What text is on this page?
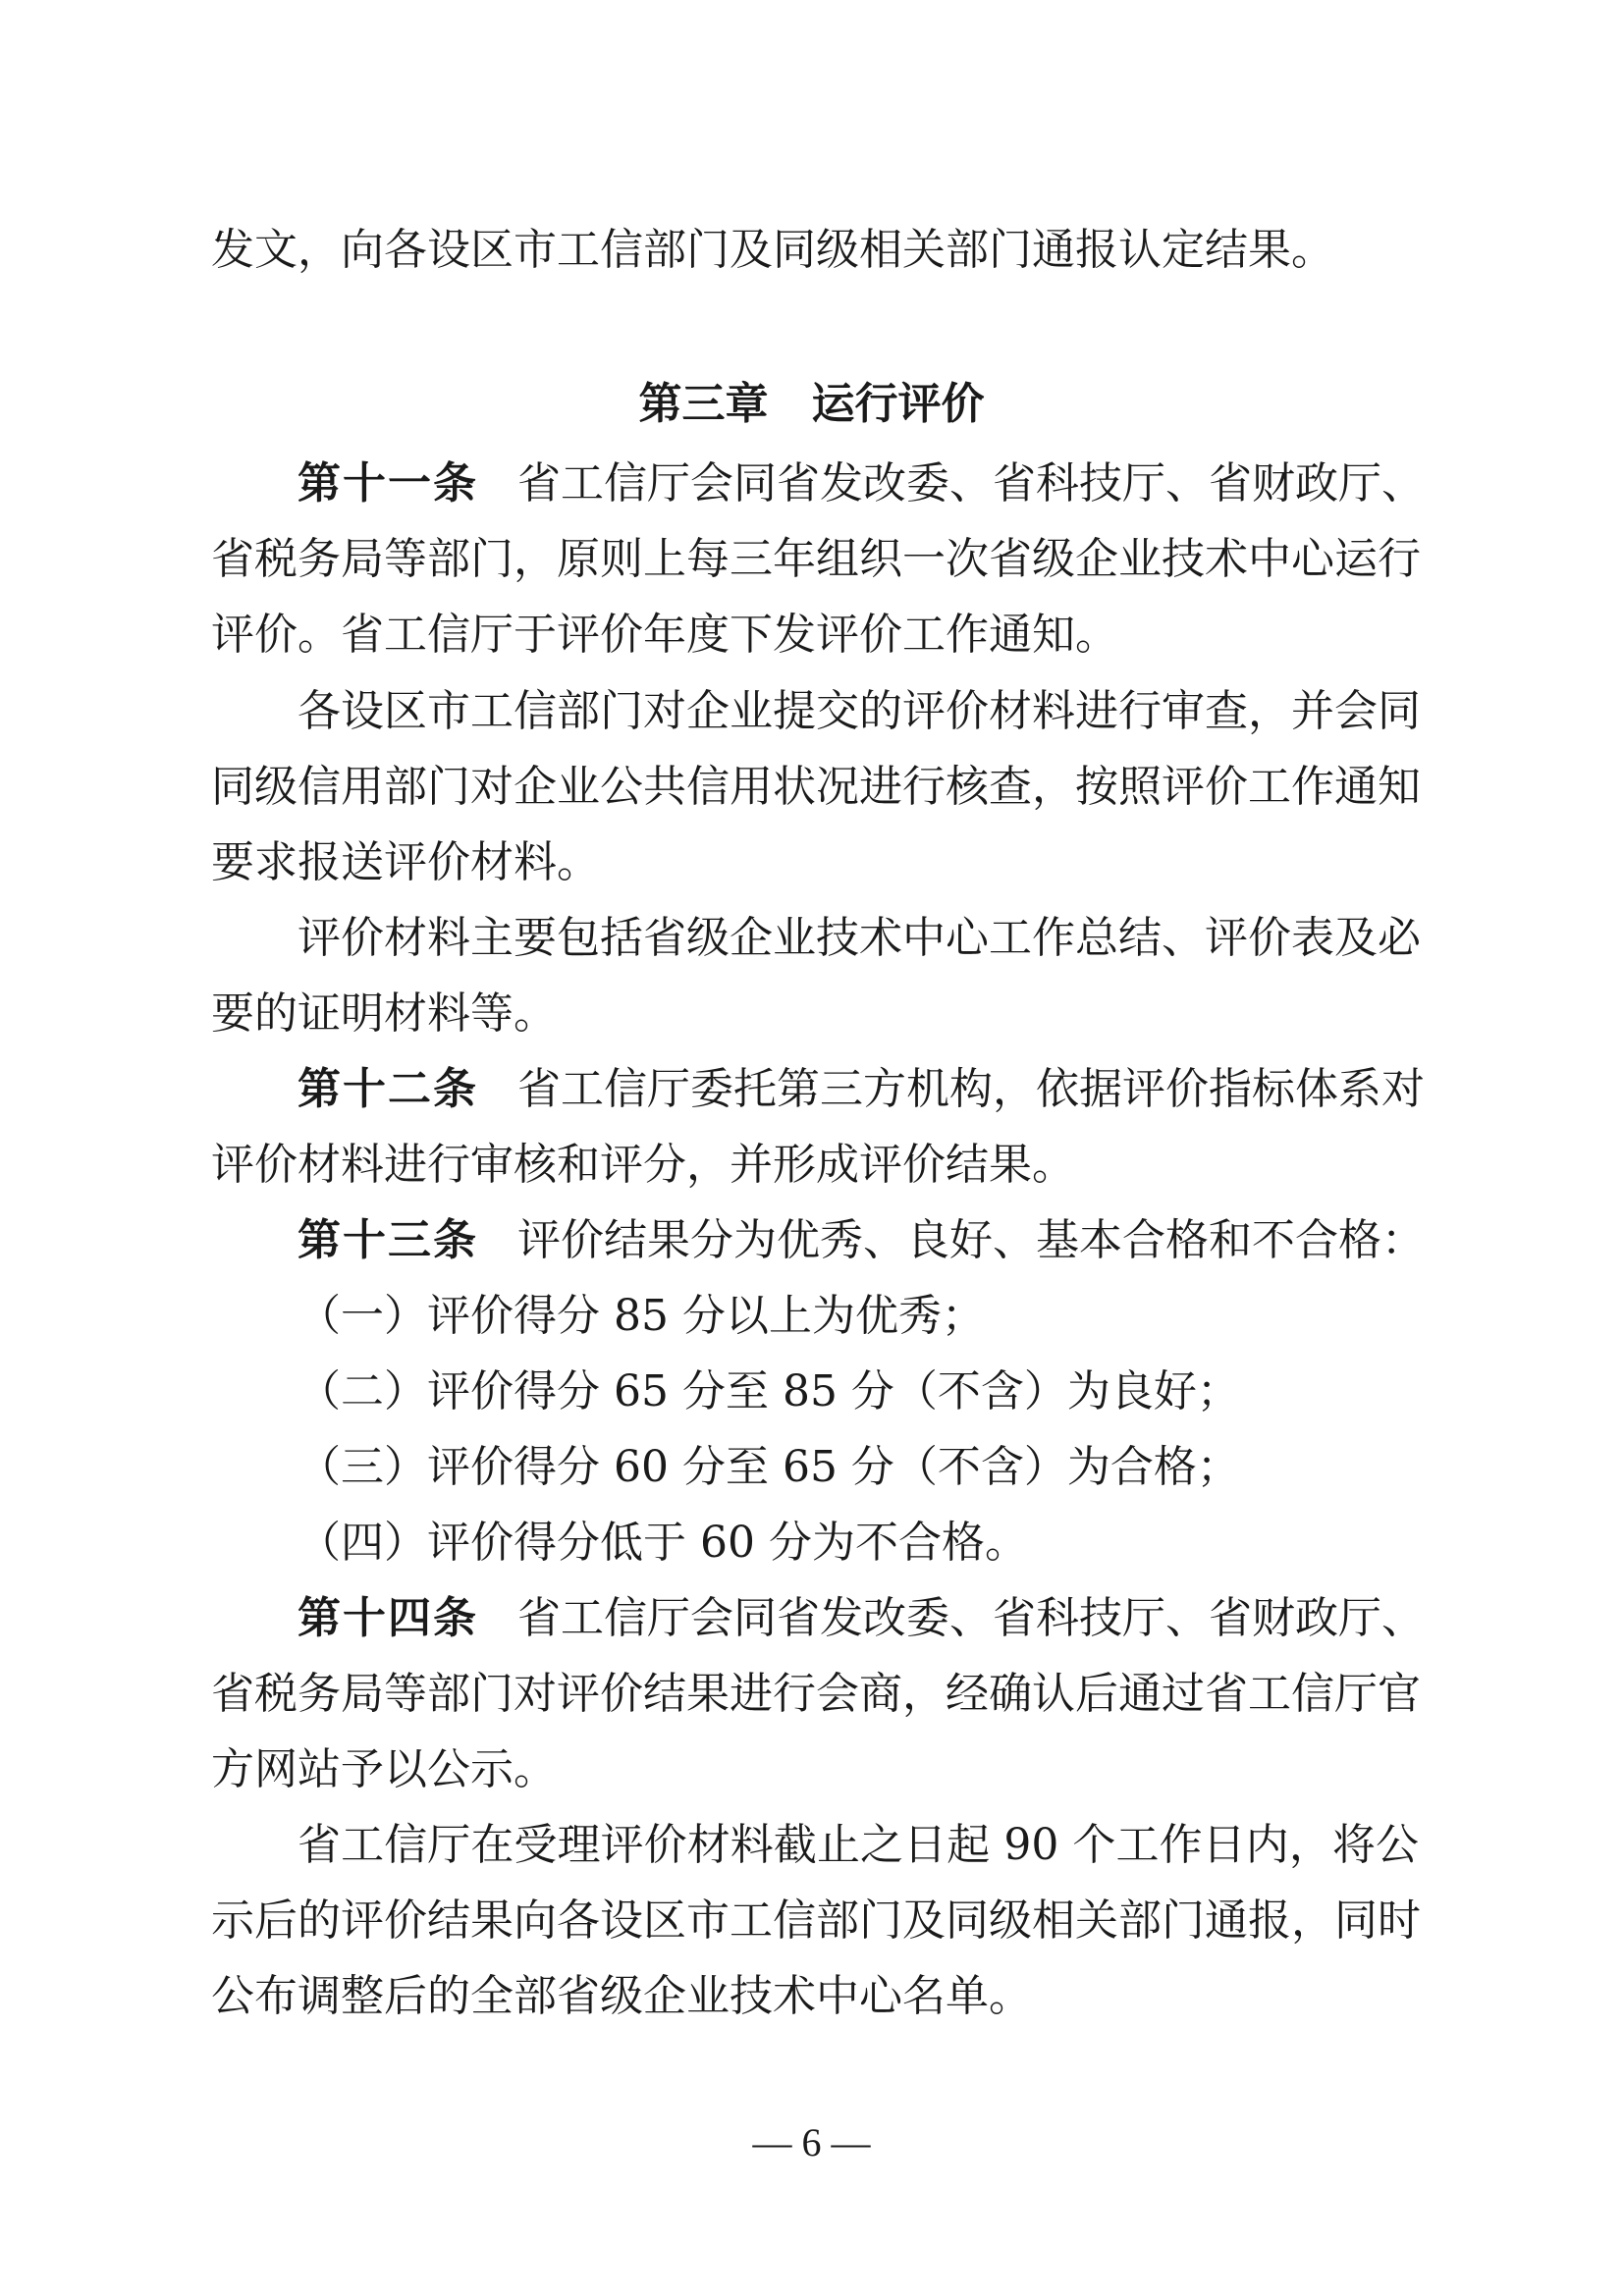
发文，向各设区市工信部门及同级相关部门通报认定结果。
第三章　运行评价
第十一条 省工信厅会同省发改委、省科技厅、省财政厅、
省税务局等部门，原则上每三年组织一次省级企业技术中心运行
评价。省工信厅于评价年度下发评价工作通知。
各设区市工信部门对企业提交的评价材料进行审查，并会同
同级信用部门对企业公共信用状况进行核查，按照评价工作通知
要求报送评价材料。
评价材料主要包括省级企业技术中心工作总结、评价表及必
要的证明材料等。
第十二条 省工信厅委托第三方机构，依据评价指标体系对
评价材料进行审核和评分，并形成评价结果。
第十三条 评价结果分为优秀、良好、基本合格和不合格：
（一）评价得分 85 分以上为优秀；
（二）评价得分 65 分至 85 分（不含）为良好；
（三）评价得分 60 分至 65 分（不含）为合格；
（四）评价得分低于 60 分为不合格。
第十四条 省工信厅会同省发改委、省科技厅、省财政厅、
省税务局等部门对评价结果进行会商，经确认后通过省工信厅官
方网站予以公示。
省工信厅在受理评价材料截止之日起 90 个工作日内，将公
示后的评价结果向各设区市工信部门及同级相关部门通报，同时
公布调整后的全部省级企业技术中心名单。
— 6 —
